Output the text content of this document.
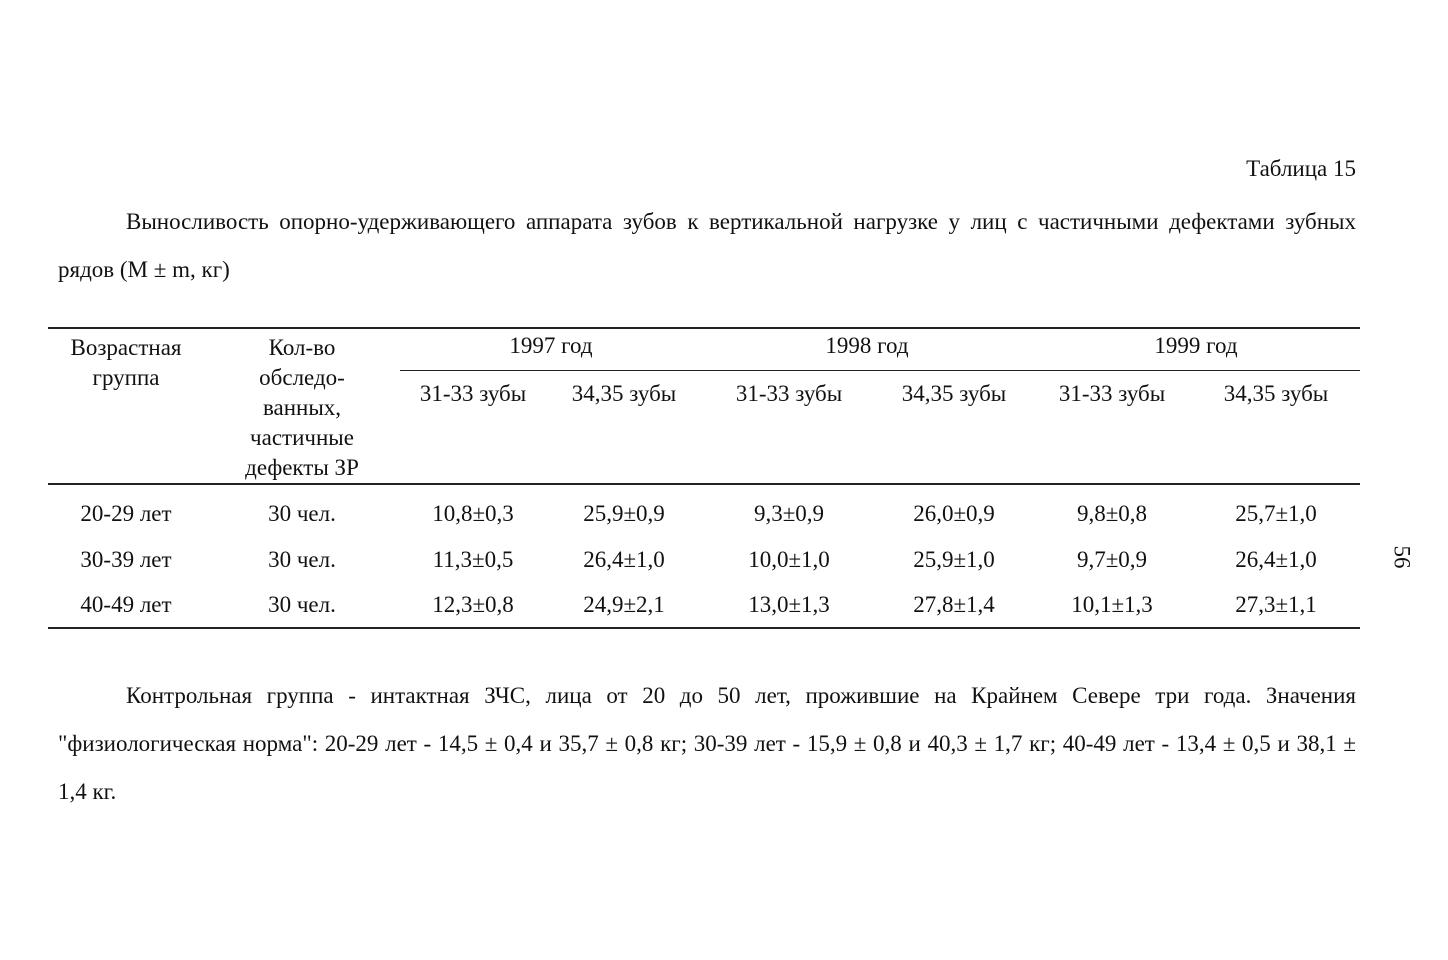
Таблица 15
Выносливость опорно-удерживающего аппарата зубов к вертикальной нагрузке у лиц с частичными дефектами зубных рядов (M ± m, кг)
Возрастная группа	Кол-во обследо-ванных, частичные дефекты ЗР	1997 год		1998 год		1999 год	
		31-33 зубы	34,35 зубы	31-33 зубы	34,35 зубы	31-33 зубы	34,35 зубы
20-29 лет	30 чел.	10,8±0,3	25,9±0,9	9,3±0,9	26,0±0,9	9,8±0,8	25,7±1,0
30-39 лет	30 чел.	11,3±0,5	26,4±1,0	10,0±1,0	25,9±1,0	9,7±0,9	26,4±1,0
40-49 лет	30 чел.	12,3±0,8	24,9±2,1	13,0±1,3	27,8±1,4	10,1±1,3	27,3±1,1
Контрольная группа - интактная ЗЧС, лица от 20 до 50 лет, прожившие на Крайнем Севере три года. Значения "физиологическая норма": 20-29 лет - 14,5 ± 0,4 и 35,7 ± 0,8 кг; 30-39 лет - 15,9 ± 0,8 и 40,3 ± 1,7 кг; 40-49 лет - 13,4 ± 0,5 и 38,1 ± 1,4 кг.
56
